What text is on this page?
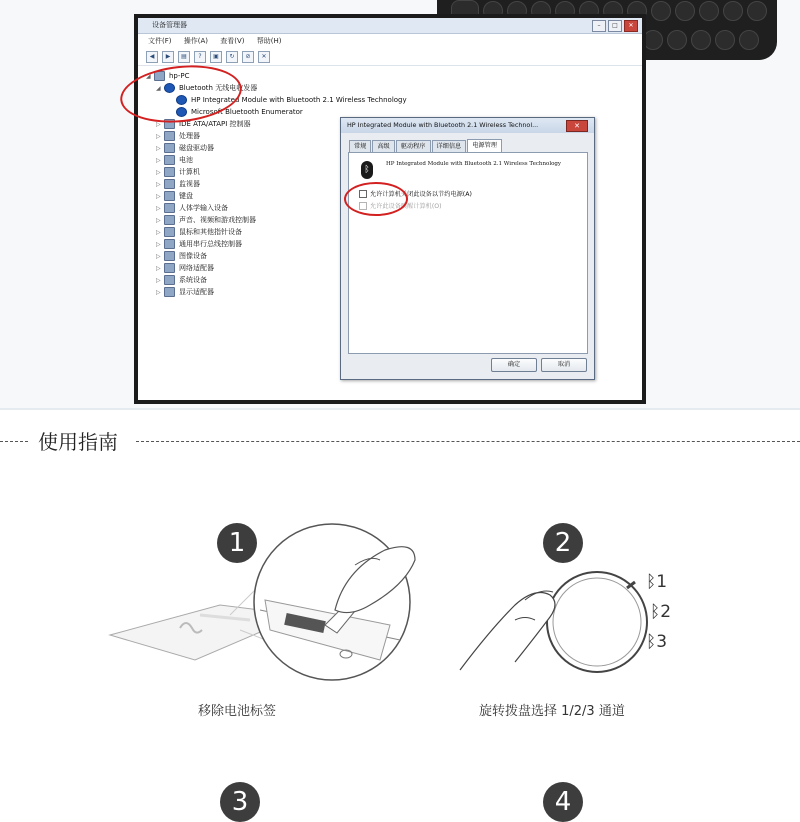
设备管理器	–	□	✕
文件(F) 操作(A) 查看(V) 帮助(H)
◀	▶	▤	?	▣	↻	⊘	✕
◢	hp-PC
◢	Bluetooth 无线电收发器
HP Integrated Module with Bluetooth 2.1 Wireless Technology
Microsoft Bluetooth Enumerator
▷	IDE ATA/ATAPI 控制器
▷	处理器
▷	磁盘驱动器
▷	电池
▷	计算机
▷	监视器
▷	键盘
▷	人体学输入设备
▷	声音、视频和游戏控制器
▷	鼠标和其他指针设备
▷	通用串行总线控制器
▷	图像设备
▷	网络适配器
▷	系统设备
▷	显示适配器
HP Integrated Module with Bluetooth 2.1 Wireless Technol...	✕
常规	高级	驱动程序	详细信息	电源管理
ᛒ
HP Integrated Module with Bluetooth 2.1 Wireless Technology
允许计算机关闭此设备以节约电源(A)
允许此设备唤醒计算机(O)
确定	取消
使用指南
1
移除电池标签
2
ᛒ1
ᛒ2
ᛒ3
旋转拨盘选择 1/2/3 通道
3	4
